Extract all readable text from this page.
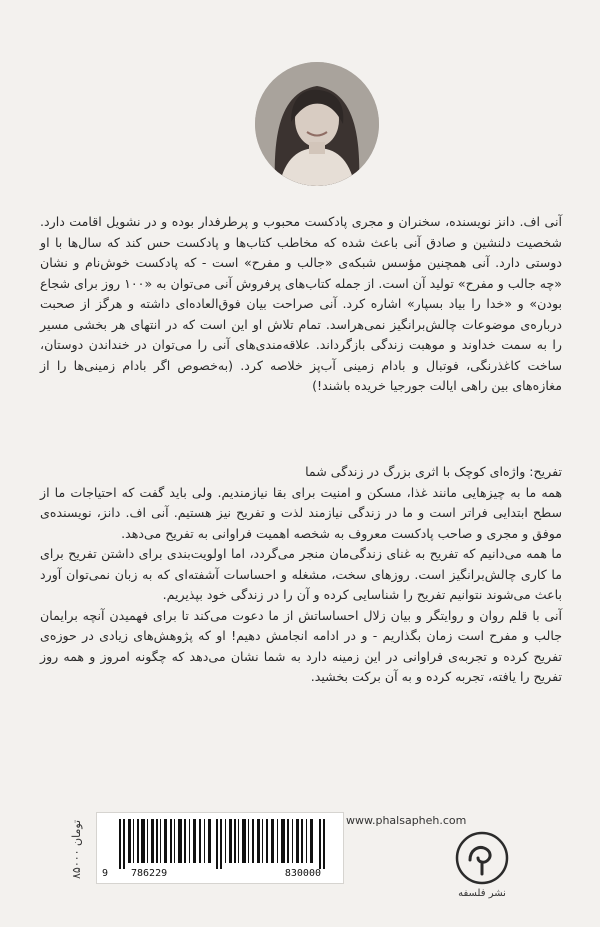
آنی اف. دانز نویسنده، سخنران و مجری پادکست محبوب و پرطرفدار بوده و در نشویل اقامت دارد. شخصیت دلنشین و صادق آنی باعث شده که مخاطب کتاب‌ها و پادکست حس کند که سال‌ها با او دوستی دارد. آنی همچنین مؤسس شبکه‌ی «جالب و مفرح» است - که پادکست خوش‌نام و نشان «چه جالب و مفرح» تولید آن است. از جمله کتاب‌های پرفروش آنی می‌توان به «۱۰۰ روز برای شجاع بودن» و «خدا را بیاد بسپار» اشاره کرد. آنی صراحت بیان فوق‌العاده‌ای داشته و هرگز از صحبت درباره‌ی موضوعات چالش‌برانگیز نمی‌هراسد. تمام تلاش او این است که در انتهای هر بخشی مسیر را به سمت خداوند و موهبت زندگی بازگرداند. علاقه‌مندی‌های آنی را می‌توان در خنداندن دوستان، ساخت کاغذرنگی، فوتبال و بادام زمینی آب‌پز خلاصه کرد. (به‌خصوص اگر بادام زمینی‌ها را از مغازه‌های بین راهی ایالت جورجیا خریده باشند!)

تفریح: واژه‌ای کوچک با اثری بزرگ در زندگی شما

همه ما به چیزهایی مانند غذا، مسکن و امنیت برای بقا نیازمندیم. ولی باید گفت که احتیاجات ما از سطح ابتدایی فراتر است و ما در زندگی نیازمند لذت و تفریح نیز هستیم. آنی اف. دانز، نویسنده‌ی موفق و مجری و صاحب پادکست معروف به شخصه اهمیت فراوانی به تفریح می‌دهد.

ما همه می‌دانیم که تفریح به غنای زندگی‌مان منجر می‌گردد، اما اولویت‌بندی برای داشتن تفریح برای ما کاری چالش‌برانگیز است. روزهای سخت، مشغله و احساسات آشفته‌ای که به زبان نمی‌توان آورد باعث می‌شوند نتوانیم تفریح را شناسایی کرده و آن را در زندگی خود بپذیریم.

آنی با قلم روان و روایتگر و بیان زلال احساساتش از ما دعوت می‌کند تا برای فهمیدن آنچه برایمان جالب و مفرح است زمان بگذاریم - و در ادامه انجامش دهیم! او که پژوهش‌های زیادی در حوزه‌ی تفریح کرده و تجربه‌ی فراوانی در این زمینه دارد به شما نشان می‌دهد که چگونه امروز و همه روز تفریح را یافته، تجربه کرده و به آن برکت بخشید.

۸۵۰۰۰ تومان
9 786229	830000
www.phalsapheh.com
نشر فلسفه
